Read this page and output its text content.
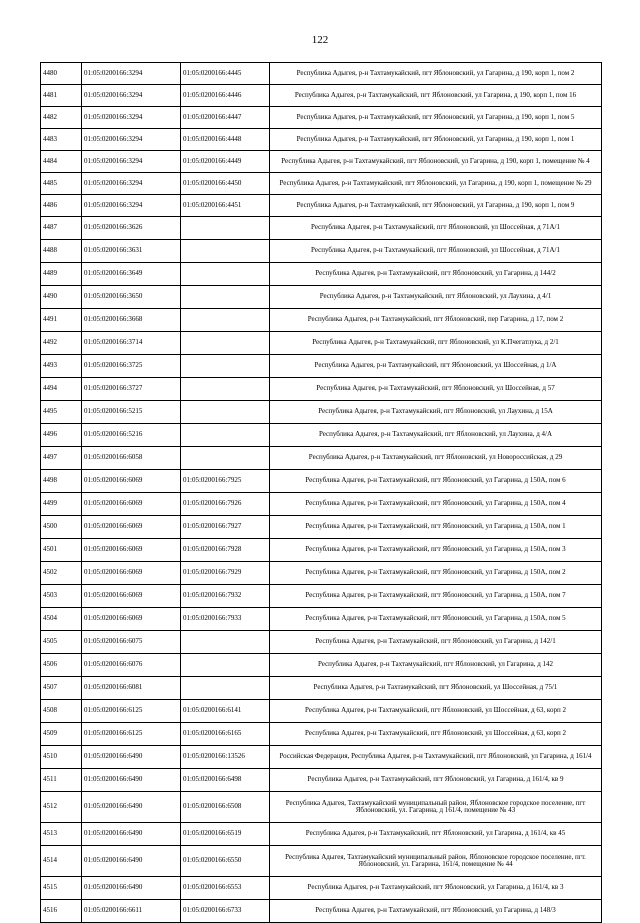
122
4480	01:05:0200166:3294	01:05:0200166:4445	Республика Адыгея, р-н Тахтамукайский, пгт Яблоновский, ул Гагарина, д 190, корп 1, пом 2
4481	01:05:0200166:3294	01:05:0200166:4446	Республика Адыгея, р-н Тахтамукайский, пгт Яблоновский, ул Гагарина, д 190, корп 1, пом 16
4482	01:05:0200166:3294	01:05:0200166:4447	Республика Адыгея, р-н Тахтамукайский, пгт Яблоновский, ул Гагарина, д 190, корп 1, пом 5
4483	01:05:0200166:3294	01:05:0200166:4448	Республика Адыгея, р-н Тахтамукайский, пгт Яблоновский, ул Гагарина, д 190, корп 1, пом 1
4484	01:05:0200166:3294	01:05:0200166:4449	Республика Адыгея, р-н Тахтамукайский, пгт Яблоновский, ул Гагарина, д 190, корп 1, помещение № 4
4485	01:05:0200166:3294	01:05:0200166:4450	Республика Адыгея, р-н Тахтамукайский, пгт Яблоновский, ул Гагарина, д 190, корп 1, помещение № 29
4486	01:05:0200166:3294	01:05:0200166:4451	Республика Адыгея, р-н Тахтамукайский, пгт Яблоновский, ул Гагарина, д 190, корп 1, пом 9
4487	01:05:0200166:3626		Республика Адыгея, р-н Тахтамукайский, пгт Яблоновский, ул Шоссейная, д 71А/1
4488	01:05:0200166:3631		Республика Адыгея, р-н Тахтамукайский, пгт Яблоновский, ул Шоссейная, д 71А/1
4489	01:05:0200166:3649		Республика Адыгея, р-н Тахтамукайский, пгт Яблоновский, ул Гагарина, д 144/2
4490	01:05:0200166:3650		Республика Адыгея, р-н Тахтамукайский, пгт Яблоновский, ул Лаухина, д 4/1
4491	01:05:0200166:3668		Республика Адыгея, р-н Тахтамукайский, пгт Яблоновский, пер Гагарина, д 17, пом 2
4492	01:05:0200166:3714		Республика Адыгея, р-н Тахтамукайский, пгт Яблоновский, ул К.Пчегатлука, д 2/1
4493	01:05:0200166:3725		Республика Адыгея, р-н Тахтамукайский, пгт Яблоновский, ул Шоссейная, д 1/А
4494	01:05:0200166:3727		Республика Адыгея, р-н Тахтамукайский, пгт Яблоновский, ул Шоссейная, д 57
4495	01:05:0200166:5215		Республика Адыгея, р-н Тахтамукайский, пгт Яблоновский, ул Лаухина, д 15А
4496	01:05:0200166:5216		Республика Адыгея, р-н Тахтамукайский, пгт Яблоновский, ул Лаухина, д 4/А
4497	01:05:0200166:6058		Республика Адыгея, р-н Тахтамукайский, пгт Яблоновский, ул Новороссийская, д 29
4498	01:05:0200166:6069	01:05:0200166:7925	Республика Адыгея, р-н Тахтамукайский, пгт Яблоновский, ул Гагарина, д 150А, пом 6
4499	01:05:0200166:6069	01:05:0200166:7926	Республика Адыгея, р-н Тахтамукайский, пгт Яблоновский, ул Гагарина, д 150А, пом 4
4500	01:05:0200166:6069	01:05:0200166:7927	Республика Адыгея, р-н Тахтамукайский, пгт Яблоновский, ул Гагарина, д 150А, пом 1
4501	01:05:0200166:6069	01:05:0200166:7928	Республика Адыгея, р-н Тахтамукайский, пгт Яблоновский, ул Гагарина, д 150А, пом 3
4502	01:05:0200166:6069	01:05:0200166:7929	Республика Адыгея, р-н Тахтамукайский, пгт Яблоновский, ул Гагарина, д 150А, пом 2
4503	01:05:0200166:6069	01:05:0200166:7932	Республика Адыгея, р-н Тахтамукайский, пгт Яблоновский, ул Гагарина, д 150А, пом 7
4504	01:05:0200166:6069	01:05:0200166:7933	Республика Адыгея, р-н Тахтамукайский, пгт Яблоновский, ул Гагарина, д 150А, пом 5
4505	01:05:0200166:6075		Республика Адыгея, р-н Тахтамукайский, пгт Яблоновский, ул Гагарина, д 142/1
4506	01:05:0200166:6076		Республика Адыгея, р-н Тахтамукайский, пгт Яблоновский, ул Гагарина, д 142
4507	01:05:0200166:6081		Республика Адыгея, р-н Тахтамукайский, пгт Яблоновский, ул Шоссейная, д 75/1
4508	01:05:0200166:6125	01:05:0200166:6141	Республика Адыгея, р-н Тахтамукайский, пгт Яблоновский, ул Шоссейная, д 63, корп 2
4509	01:05:0200166:6125	01:05:0200166:6165	Республика Адыгея, р-н Тахтамукайский, пгт Яблоновский, ул Шоссейная, д 63, корп 2
4510	01:05:0200166:6490	01:05:0200166:13526	Российская Федерация, Республика Адыгея, р-н Тахтамукайский, пгт Яблоновский, ул Гагарина, д 161/4
4511	01:05:0200166:6490	01:05:0200166:6498	Республика Адыгея, р-н Тахтамукайский, пгт Яблоновский, ул Гагарина, д 161/4, кв 9
4512	01:05:0200166:6490	01:05:0200166:6508	Республика Адыгея, Тахтамукайский муниципальный район, Яблоновское городское поселение, пгт Яблоновский, ул. Гагарина, д 161/4, помещение № 43
4513	01:05:0200166:6490	01:05:0200166:6519	Республика Адыгея, р-н Тахтамукайский, пгт Яблоновский, ул Гагарина, д 161/4, кв 45
4514	01:05:0200166:6490	01:05:0200166:6550	Республика Адыгея, Тахтамукайский муниципальный район, Яблоновское городское поселение, пгт. Яблоновский, ул. Гагарина, 161/4, помещение № 44
4515	01:05:0200166:6490	01:05:0200166:6553	Республика Адыгея, р-н Тахтамукайский, пгт Яблоновский, ул Гагарина, д 161/4, кв 3
4516	01:05:0200166:6611	01:05:0200166:6733	Республика Адыгея, р-н Тахтамукайский, пгт Яблоновский, ул Гагарина, д 148/3
